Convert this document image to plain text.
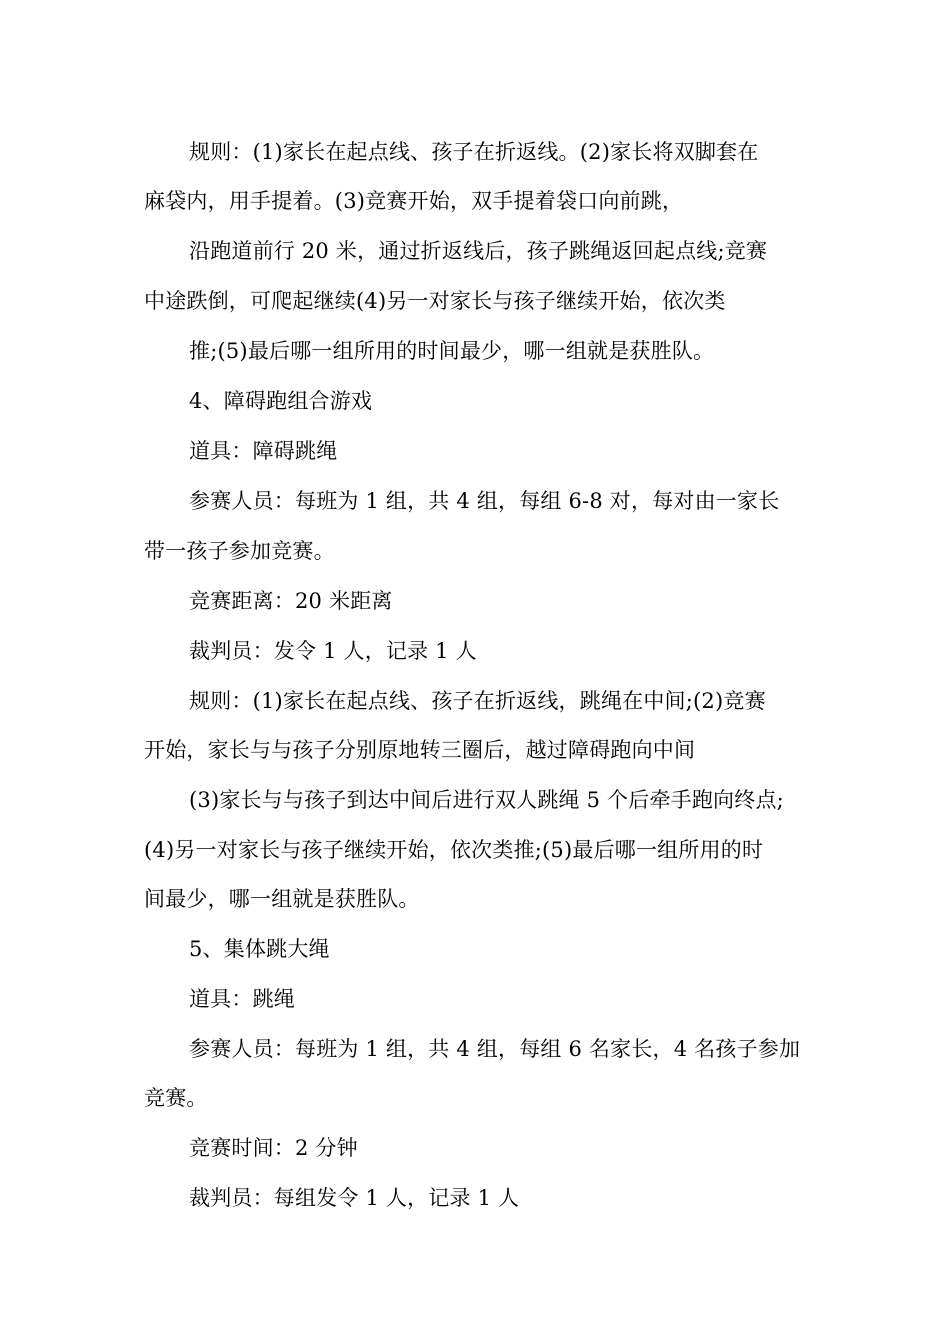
规则：(1)家长在起点线、孩子在折返线。(2)家长将双脚套在
麻袋内，用手提着。(3)竞赛开始，双手提着袋口向前跳，
沿跑道前行 20 米，通过折返线后，孩子跳绳返回起点线;竞赛
中途跌倒，可爬起继续(4)另一对家长与孩子继续开始，依次类
推;(5)最后哪一组所用的时间最少，哪一组就是获胜队。
4、障碍跑组合游戏
道具：障碍跳绳
参赛人员：每班为 1 组，共 4 组，每组 6-8 对，每对由一家长
带一孩子参加竞赛。
竞赛距离：20 米距离
裁判员：发令 1 人，记录 1 人
规则：(1)家长在起点线、孩子在折返线，跳绳在中间;(2)竞赛
开始，家长与与孩子分别原地转三圈后，越过障碍跑向中间
(3)家长与与孩子到达中间后进行双人跳绳 5 个后牵手跑向终点;
(4)另一对家长与孩子继续开始，依次类推;(5)最后哪一组所用的时
间最少，哪一组就是获胜队。
5、集体跳大绳
道具：跳绳
参赛人员：每班为 1 组，共 4 组，每组 6 名家长，4 名孩子参加
竞赛。
竞赛时间：2 分钟
裁判员：每组发令 1 人，记录 1 人
